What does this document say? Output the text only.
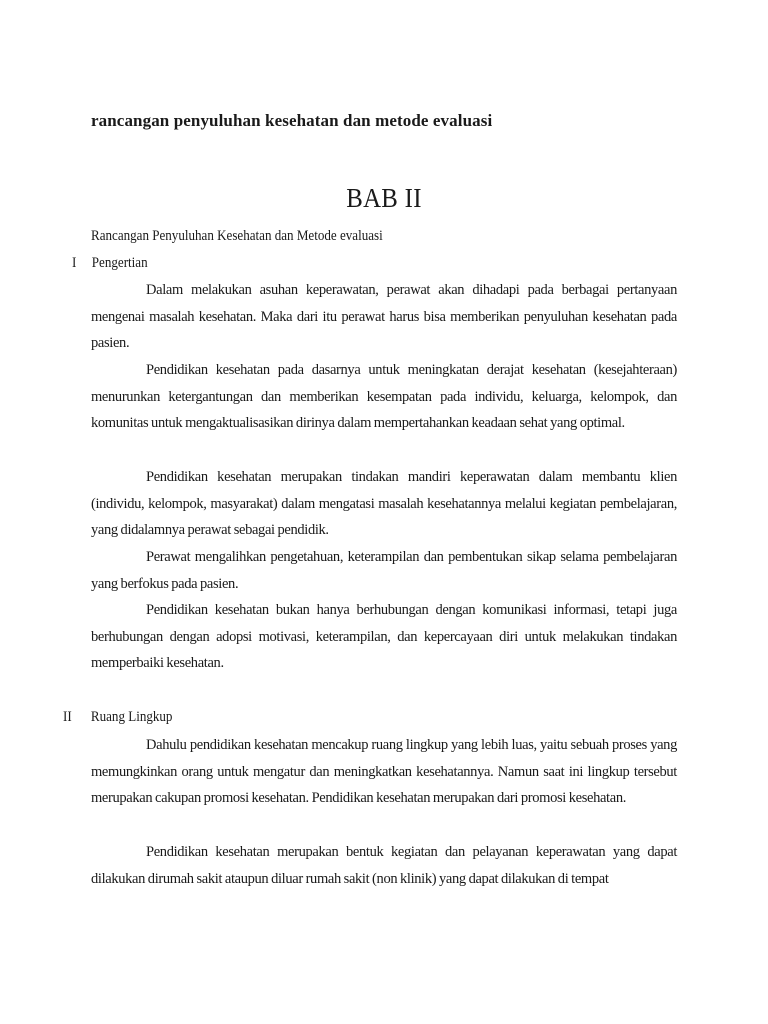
rancangan penyuluhan kesehatan dan metode evaluasi
BAB II
Rancangan Penyuluhan Kesehatan dan Metode evaluasi
I Pengertian

Dalam melakukan asuhan keperawatan, perawat akan dihadapi pada berbagai pertanyaan mengenai masalah kesehatan. Maka dari itu perawat harus bisa memberikan penyuluhan kesehatan pada pasien.

Pendidikan kesehatan pada dasarnya untuk meningkatan derajat kesehatan (kesejahteraan) menurunkan ketergantungan dan memberikan kesempatan pada individu, keluarga, kelompok, dan komunitas untuk mengaktualisasikan dirinya dalam mempertahankan keadaan sehat yang optimal.

Pendidikan kesehatan merupakan tindakan mandiri keperawatan dalam membantu klien (individu, kelompok, masyarakat) dalam mengatasi masalah kesehatannya melalui kegiatan pembelajaran, yang didalamnya perawat sebagai pendidik.

Perawat mengalihkan pengetahuan, keterampilan dan pembentukan sikap selama pembelajaran yang berfokus pada pasien.

Pendidikan kesehatan bukan hanya berhubungan dengan komunikasi informasi, tetapi juga berhubungan dengan adopsi motivasi, keterampilan, dan kepercayaan diri untuk melakukan tindakan memperbaiki kesehatan.

II Ruang Lingkup

Dahulu pendidikan kesehatan mencakup ruang lingkup yang lebih luas, yaitu sebuah proses yang memungkinkan orang untuk mengatur dan meningkatkan kesehatannya. Namun saat ini lingkup tersebut merupakan cakupan promosi kesehatan. Pendidikan kesehatan merupakan dari promosi kesehatan.

Pendidikan kesehatan merupakan bentuk kegiatan dan pelayanan keperawatan yang dapat dilakukan dirumah sakit ataupun diluar rumah sakit (non klinik) yang dapat dilakukan di tempat
